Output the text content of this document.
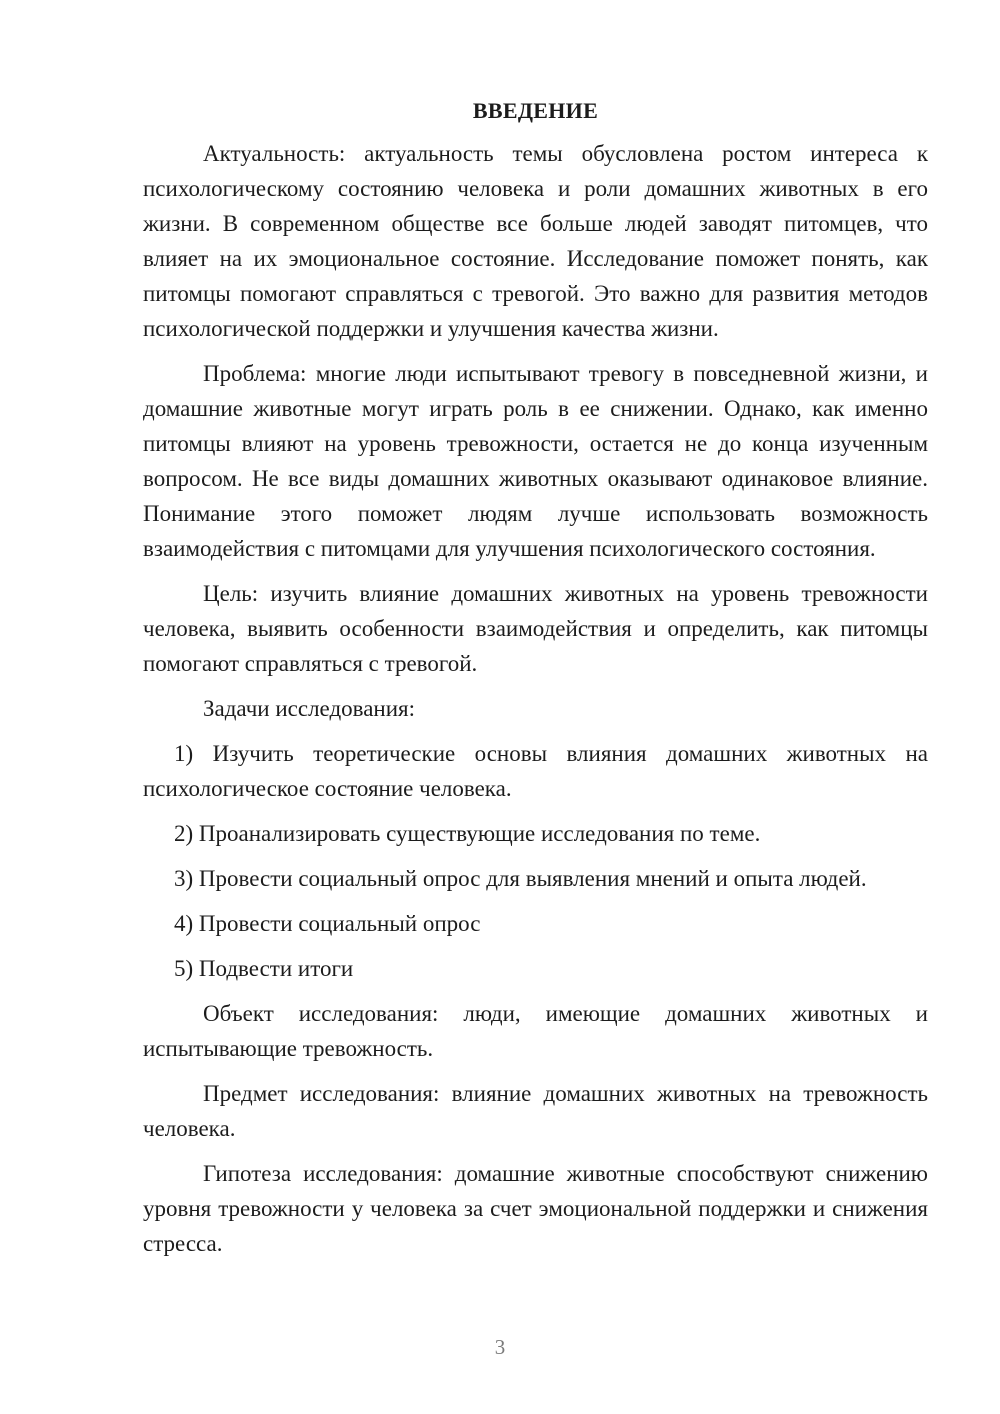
ВВЕДЕНИЕ

Актуальность: актуальность темы обусловлена ростом интереса к психологическому состоянию человека и роли домашних животных в его жизни. В современном обществе все больше людей заводят питомцев, что влияет на их эмоциональное состояние. Исследование поможет понять, как питомцы помогают справляться с тревогой. Это важно для развития методов психологической поддержки и улучшения качества жизни.

Проблема: многие люди испытывают тревогу в повседневной жизни, и домашние животные могут играть роль в ее снижении. Однако, как именно питомцы влияют на уровень тревожности, остается не до конца изученным вопросом. Не все виды домашних животных оказывают одинаковое влияние. Понимание этого поможет людям лучше использовать возможность взаимодействия с питомцами для улучшения психологического состояния.

Цель: изучить влияние домашних животных на уровень тревожности человека, выявить особенности взаимодействия и определить, как питомцы помогают справляться с тревогой.

Задачи исследования:

1) Изучить теоретические основы влияния домашних животных на психологическое состояние человека.

2) Проанализировать существующие исследования по теме.

3) Провести социальный опрос для выявления мнений и опыта людей.

4) Провести социальный опрос

5) Подвести итоги

Объект исследования: люди, имеющие домашних животных и испытывающие тревожность.

Предмет исследования: влияние домашних животных на тревожность человека.

Гипотеза исследования: домашние животные способствуют снижению уровня тревожности у человека за счет эмоциональной поддержки и снижения стресса.

3
